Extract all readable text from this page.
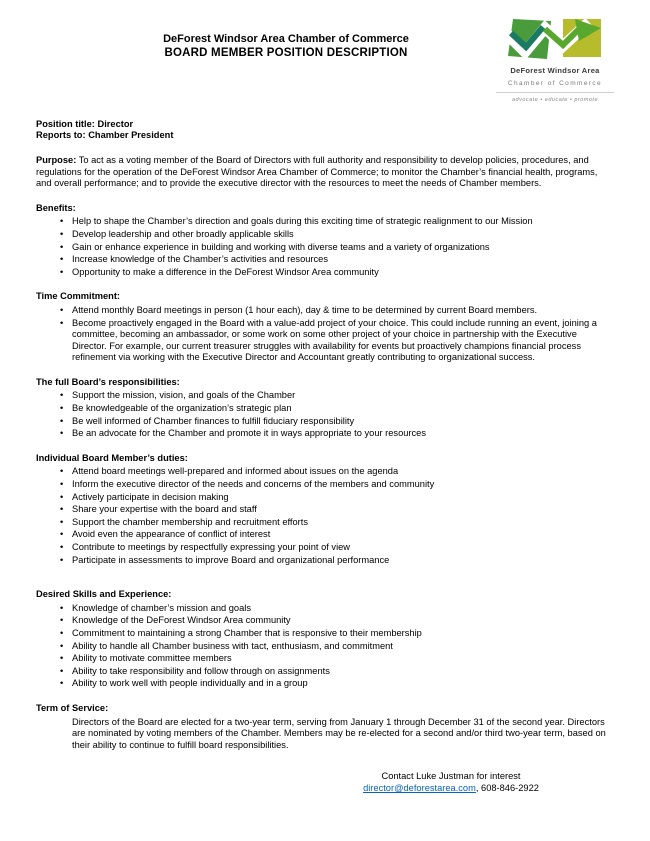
DeForest Windsor Area Chamber of Commerce
BOARD MEMBER POSITION DESCRIPTION
DeForest Windsor Area
Chamber of Commerce
advocate • educate • promote
Position title: Director
Reports to: Chamber President

Purpose: To act as a voting member of the Board of Directors with full authority and responsibility to develop policies, procedures, and regulations for the operation of the DeForest Windsor Area Chamber of Commerce; to monitor the Chamber’s financial health, programs, and overall performance; and to provide the executive director with the resources to meet the needs of Chamber members.

Benefits:
• Help to shape the Chamber’s direction and goals during this exciting time of strategic realignment to our Mission
• Develop leadership and other broadly applicable skills
• Gain or enhance experience in building and working with diverse teams and a variety of organizations
• Increase knowledge of the Chamber’s activities and resources
• Opportunity to make a difference in the DeForest Windsor Area community
Time Commitment:
• Attend monthly Board meetings in person (1 hour each), day & time to be determined by current Board members.
• Become proactively engaged in the Board with a value-add project of your choice. This could include running an event, joining a committee, becoming an ambassador, or some work on some other project of your choice in partnership with the Executive Director. For example, our current treasurer struggles with availability for events but proactively champions financial process refinement via working with the Executive Director and Accountant greatly contributing to organizational success.
The full Board’s responsibilities:
• Support the mission, vision, and goals of the Chamber
• Be knowledgeable of the organization’s strategic plan
• Be well informed of Chamber finances to fulfill fiduciary responsibility
• Be an advocate for the Chamber and promote it in ways appropriate to your resources
Individual Board Member’s duties:
• Attend board meetings well-prepared and informed about issues on the agenda
• Inform the executive director of the needs and concerns of the members and community
• Actively participate in decision making
• Share your expertise with the board and staff
• Support the chamber membership and recruitment efforts
• Avoid even the appearance of conflict of interest
• Contribute to meetings by respectfully expressing your point of view
• Participate in assessments to improve Board and organizational performance
Desired Skills and Experience:
• Knowledge of chamber’s mission and goals
• Knowledge of the DeForest Windsor Area community
• Commitment to maintaining a strong Chamber that is responsive to their membership
• Ability to handle all Chamber business with tact, enthusiasm, and commitment
• Ability to motivate committee members
• Ability to take responsibility and follow through on assignments
• Ability to work well with people individually and in a group
Term of Service:

Directors of the Board are elected for a two-year term, serving from January 1 through December 31 of the second year. Directors are nominated by voting members of the Chamber. Members may be re-elected for a second and/or third two-year term, based on their ability to continue to fulfill board responsibilities.

Contact Luke Justman for interest
director@deforestarea.com, 608-846-2922
